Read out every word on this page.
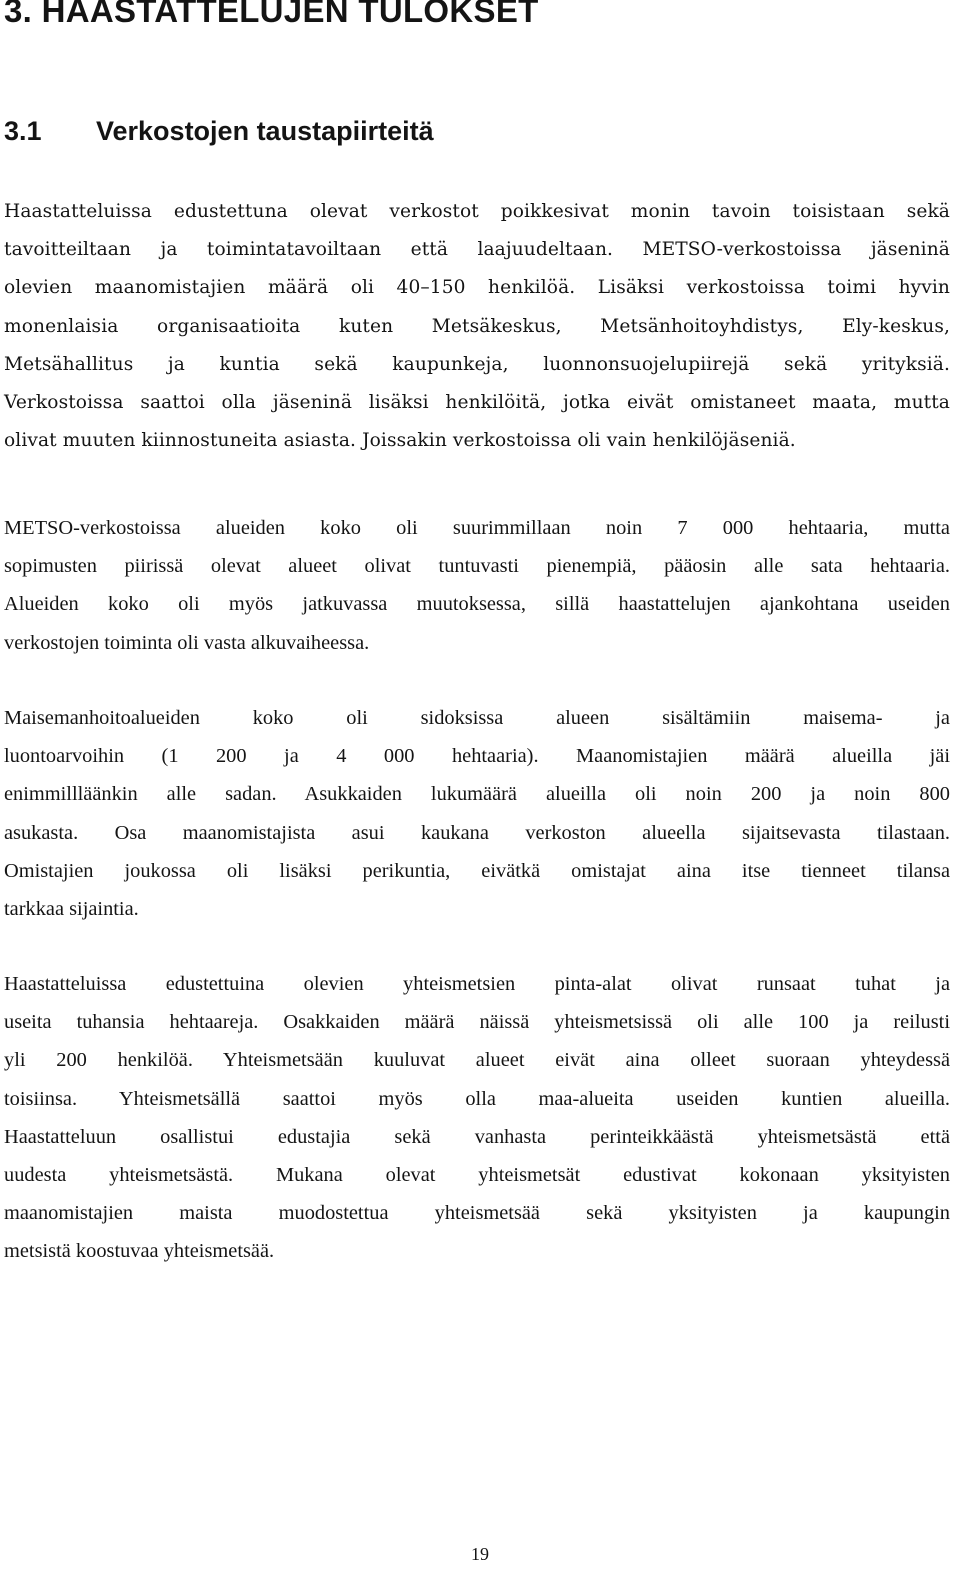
3. HAASTATTELUJEN TULOKSET
3.1 Verkostojen taustapiirteitä
Haastatteluissa edustettuna olevat verkostot poikkesivat monin tavoin toisistaan sekä
tavoitteiltaan ja toimintatavoiltaan että laajuudeltaan. METSO-verkostoissa jäseninä
olevien maanomistajien määrä oli 40–150 henkilöä. Lisäksi verkostoissa toimi hyvin
monenlaisia organisaatioita kuten Metsäkeskus, Metsänhoitoyhdistys, Ely-keskus,
Metsähallitus ja kuntia sekä kaupunkeja, luonnonsuojelupiirejä sekä yrityksiä.
Verkostoissa saattoi olla jäseninä lisäksi henkilöitä, jotka eivät omistaneet maata, mutta
olivat muuten kiinnostuneita asiasta. Joissakin verkostoissa oli vain henkilöjäseniä.
METSO-verkostoissa alueiden koko oli suurimmillaan noin 7 000 hehtaaria, mutta
sopimusten piirissä olevat alueet olivat tuntuvasti pienempiä, pääosin alle sata hehtaaria.
Alueiden koko oli myös jatkuvassa muutoksessa, sillä haastattelujen ajankohtana useiden
verkostojen toiminta oli vasta alkuvaiheessa.
Maisemanhoitoalueiden koko oli sidoksissa alueen sisältämiin maisema- ja
luontoarvoihin (1 200 ja 4 000 hehtaaria). Maanomistajien määrä alueilla jäi
enimmillläänkin alle sadan. Asukkaiden lukumäärä alueilla oli noin 200 ja noin 800
asukasta. Osa maanomistajista asui kaukana verkoston alueella sijaitsevasta tilastaan.
Omistajien joukossa oli lisäksi perikuntia, eivätkä omistajat aina itse tienneet tilansa
tarkkaa sijaintia.
Haastatteluissa edustettuina olevien yhteismetsien pinta-alat olivat runsaat tuhat ja
useita tuhansia hehtaareja. Osakkaiden määrä näissä yhteismetsissä oli alle 100 ja reilusti
yli 200 henkilöä. Yhteismetsään kuuluvat alueet eivät aina olleet suoraan yhteydessä
toisiinsa. Yhteismetsällä saattoi myös olla maa-alueita useiden kuntien alueilla.
Haastatteluun osallistui edustajia sekä vanhasta perinteikkäästä yhteismetsästä että
uudesta yhteismetsästä. Mukana olevat yhteismetsät edustivat kokonaan yksityisten
maanomistajien maista muodostettua yhteismetsää sekä yksityisten ja kaupungin
metsistä koostuvaa yhteismetsää.
19
